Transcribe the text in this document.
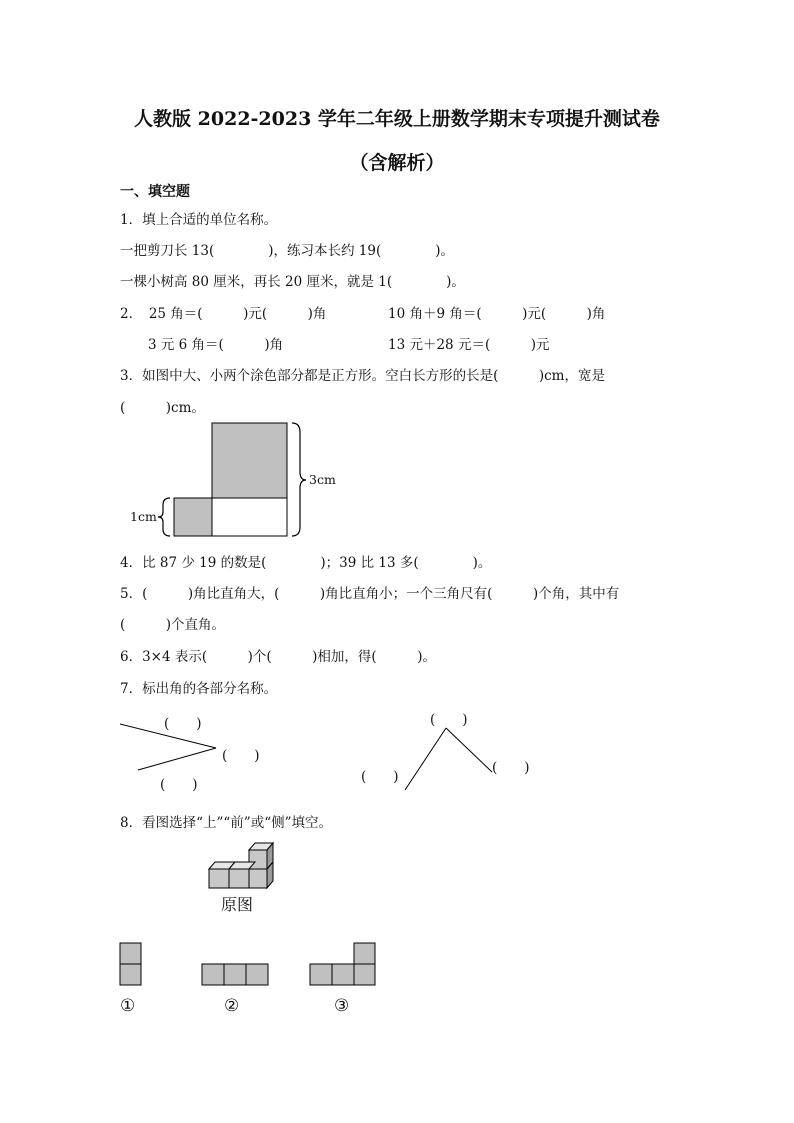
人教版 2022-2023 学年二年级上册数学期末专项提升测试卷
（含解析）
一、填空题
1．填上合适的单位名称。
一把剪刀长 13(　　　　)，练习本长约 19(　　　　)。
一棵小树高 80 厘米，再长 20 厘米，就是 1(　　　　)。
2．　25 角＝(　　　)元(　　　)角	10 角＋9 角＝(　　　)元(　　　)角
3 元 6 角＝(　　　)角	13 元＋28 元＝(　　　)元
3．如图中大、小两个涂色部分都是正方形。空白长方形的长是(　　　)cm，宽是
(　　　)cm。
3cm
1cm
4．比 87 少 19 的数是(　　　　)；39 比 13 多(　　　　)。
5．(　　　)角比直角大，(　　　)角比直角小；一个三角尺有(　　　)个角，其中有
(　　　)个直角。
6．3×4 表示(　　　)个(　　　)相加，得(　　　)。
7．标出角的各部分名称。
(　　)
(　　)
(　　)
(　　)
(　　)
(　　)
8．看图选择“上”“前”或“侧”填空。
原图
①	②	③
